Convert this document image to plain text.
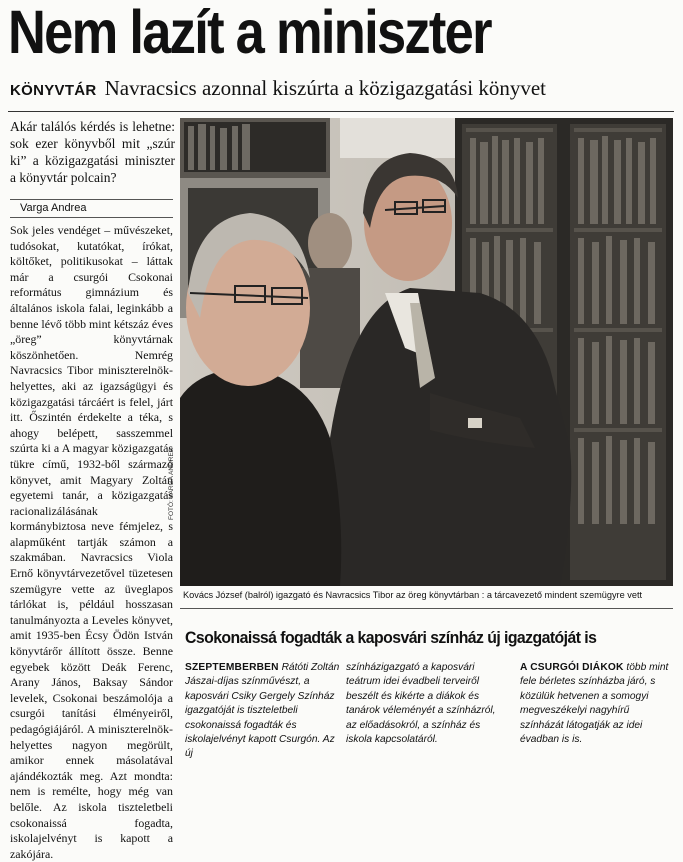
Nem lazít a miniszter
KÖNYVTÁR Navracsics azonnal kiszúrta a közigazgatási könyvet
Akár találós kérdés is lehetne: sok ezer könyvből mit „szúr ki” a közigazgatási miniszter a könyvtár polcain?
Varga Andrea
Sok jeles vendéget – művészeket, tudósokat, kutatókat, írókat, költőket, politikusokat – láttak már a csurgói Csokonai református gimnázium és általános iskola falai, leginkább a benne lévő több mint kétszáz éves „öreg” könyvtárnak köszönhetően. Nemrég Navracsics Tibor miniszterelnök-helyettes, aki az igazságügyi és közigazgatási tárcáért is felel, járt itt. Őszintén érdekelte a téka, s ahogy belépett, sasszemmel szúrta ki a A magyar közigazgatás tükre című, 1932-ből származó könyvet, amit Magyary Zoltán egyetemi tanár, a közigazgatás racionalizálásának kormánybiztosa neve fémjelez, s alapműként tartják számon a szakmában. Navracsics Viola Ernő könyvtárvezetővel tüzetesen szemügyre vette az üveglapos tárlókat is, például hosszasan tanulmányozta a Leveles könyvet, amit 1935-ben Écsy Ödön István könyvtárőr állított össze. Benne egyebek között Deák Ferenc, Arany János, Baksay Sándor levelek, Csokonai beszámolója a csurgói tanítási élményeiről, pedagógiájáról. A miniszterelnök-helyettes nagyon megörült, amikor ennek másolatával ajándékozták meg. Azt mondta: nem is remélte, hogy még van belőle. Az iskola tiszteletbeli csokonaissá fogadta, iskolajelvényt is kapott a zakójára.
FOTÓ: VARGA ANDREA
Kovács József (balról) igazgató és Navracsics Tibor az öreg könyvtárban : a tárcavezető mindent szemügyre vett
Csokonaissá fogadták a kaposvári színház új igazgatóját is
SZEPTEMBERBEN Rátóti Zoltán Jászai-díjas színművészt, a kaposvári Csiky Gergely Színház igazgatóját is tiszteletbeli csokonaissá fogadták és iskolajelvényt kapott Csurgón. Az új
színházigazgató a kaposvári teátrum idei évadbeli terveiről beszélt és kikérte a diákok és tanárok véleményét a színházról, az előadásokról, a színház és iskola kapcsolatáról.
A CSURGÓI DIÁKOK több mint fele bérletes színházba járó, s közülük hetvenen a somogyi megveszékelyi nagyhírű színházát látogatják az idei évadban is is.
